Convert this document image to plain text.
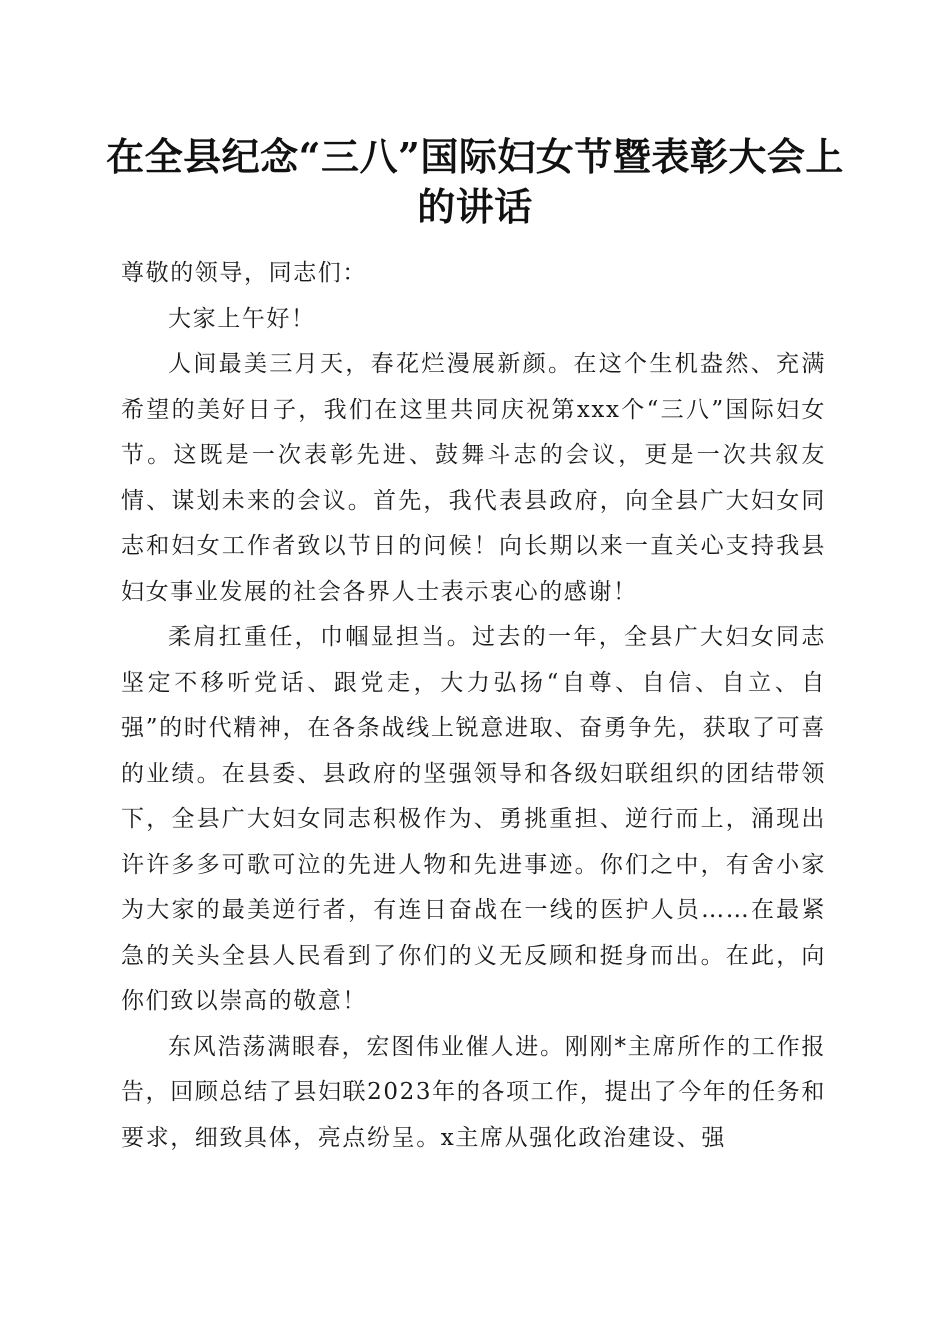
在全县纪念“三八”国际妇女节暨表彰大会上的讲话

尊敬的领导，同志们：

大家上午好！

人间最美三月天，春花烂漫展新颜。在这个生机盎然、充满希望的美好日子，我们在这里共同庆祝第xxx个“三八”国际妇女节。这既是一次表彰先进、鼓舞斗志的会议，更是一次共叙友情、谋划未来的会议。首先，我代表县政府，向全县广大妇女同志和妇女工作者致以节日的问候！向长期以来一直关心支持我县妇女事业发展的社会各界人士表示衷心的感谢！

柔肩扛重任，巾帼显担当。过去的一年，全县广大妇女同志坚定不移听党话、跟党走，大力弘扬“自尊、自信、自立、自强”的时代精神，在各条战线上锐意进取、奋勇争先，获取了可喜的业绩。在县委、县政府的坚强领导和各级妇联组织的团结带领下，全县广大妇女同志积极作为、勇挑重担、逆行而上，涌现出许许多多可歌可泣的先进人物和先进事迹。你们之中，有舍小家为大家的最美逆行者，有连日奋战在一线的医护人员……在最紧急的关头全县人民看到了你们的义无反顾和挺身而出。在此，向你们致以崇高的敬意！

东风浩荡满眼春，宏图伟业催人进。刚刚*主席所作的工作报告，回顾总结了县妇联2023年的各项工作，提出了今年的任务和要求，细致具体，亮点纷呈。x主席从强化政治建设、强
